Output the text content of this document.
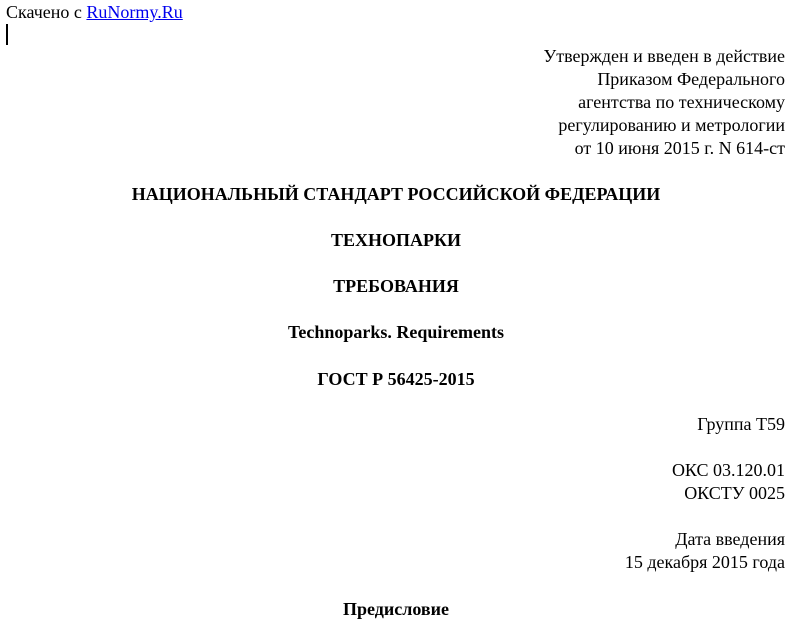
Скачено с RuNormy.Ru
Утвержден и введен в действие
Приказом Федерального
агентства по техническому
регулированию и метрологии
от 10 июня 2015 г. N 614-ст
НАЦИОНАЛЬНЫЙ СТАНДАРТ РОССИЙСКОЙ ФЕДЕРАЦИИ
ТЕХНОПАРКИ
ТРЕБОВАНИЯ
Technoparks. Requirements
ГОСТ Р 56425-2015
Группа Т59
ОКС 03.120.01
ОКСТУ 0025
Дата введения
15 декабря 2015 года
Предисловие
